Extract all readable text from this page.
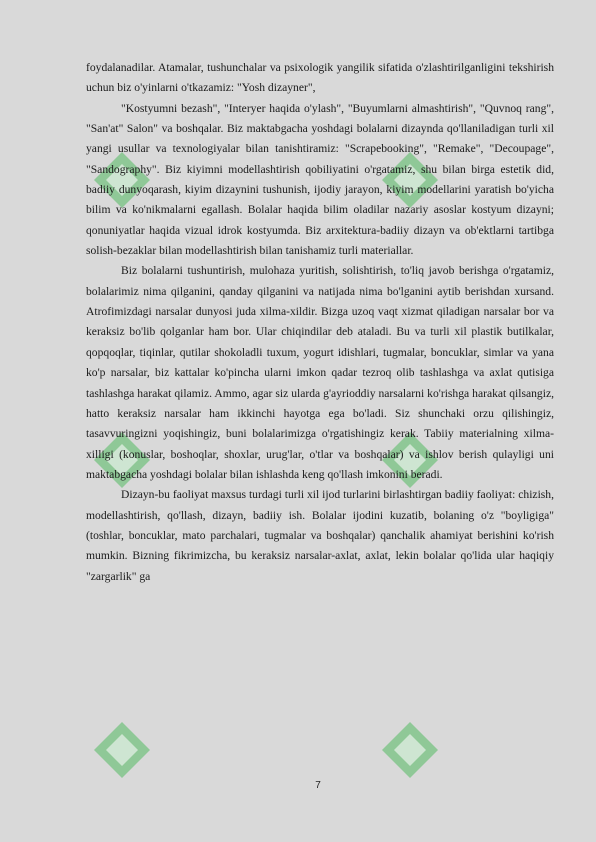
foydalanadilar. Atamalar, tushunchalar va psixologik yangilik sifatida o'zlashtirilganligini tekshirish uchun biz o'yinlarni o'tkazamiz: "Yosh dizayner",

"Kostyumni bezash", "Interyer haqida o'ylash", "Buyumlarni almashtirish", "Quvnoq rang", "San'at" Salon" va boshqalar. Biz maktabgacha yoshdagi bolalarni dizaynda qo'llaniladigan turli xil yangi usullar va texnologiyalar bilan tanishtiramiz: "Scrapebooking", "Remake", "Decoupage", "Sandography". Biz kiyimni modellashtirish qobiliyatini o'rgatamiz, shu bilan birga estetik did, badiiy dunyoqarash, kiyim dizaynini tushunish, ijodiy jarayon, kiyim modellarini yaratish bo'yicha bilim va ko'nikmalarni egallash. Bolalar haqida bilim oladilar nazariy asoslar kostyum dizayni; qonuniyatlar haqida vizual idrok kostyumda. Biz arxitektura-badiiy dizayn va ob'ektlarni tartibga solish-bezaklar bilan modellashtirish bilan tanishamiz turli materiallar.

Biz bolalarni tushuntirish, mulohaza yuritish, solishtirish, to'liq javob berishga o'rgatamiz, bolalarimiz nima qilganini, qanday qilganini va natijada nima bo'lganini aytib berishdan xursand. Atrofimizdagi narsalar dunyosi juda xilma-xildir. Bizga uzoq vaqt xizmat qiladigan narsalar bor va keraksiz bo'lib qolganlar ham bor. Ular chiqindilar deb ataladi. Bu va turli xil plastik butilkalar, qopqoqlar, tiqinlar, qutilar shokoladli tuxum, yogurt idishlari, tugmalar, boncuklar, simlar va yana ko'p narsalar, biz kattalar ko'pincha ularni imkon qadar tezroq olib tashlashga va axlat qutisiga tashlashga harakat qilamiz. Ammo, agar siz ularda g'ayrioddiy narsalarni ko'rishga harakat qilsangiz, hatto keraksiz narsalar ham ikkinchi hayotga ega bo'ladi. Siz shunchaki orzu qilishingiz, tasavvuringizni yoqishingiz, buni bolalarimizga o'rgatishingiz kerak. Tabiiy materialning xilma- xilligi (konuslar, boshoqlar, shoxlar, urug'lar, o'tlar va boshqalar) va ishlov berish qulayligi uni maktabgacha yoshdagi bolalar bilan ishlashda keng qo'llash imkonini beradi.

Dizayn-bu faoliyat maxsus turdagi turli xil ijod turlarini birlashtirgan badiiy faoliyat: chizish, modellashtirish, qo'llash, dizayn, badiiy ish. Bolalar ijodini kuzatib, bolaning o'z "boyligiga" (toshlar, boncuklar, mato parchalari, tugmalar va boshqalar) qanchalik ahamiyat berishini ko'rish mumkin. Bizning fikrimizcha, bu keraksiz narsalar-axlat, axlat, lekin bolalar qo'lida ular haqiqiy "zargarlik" ga

7
